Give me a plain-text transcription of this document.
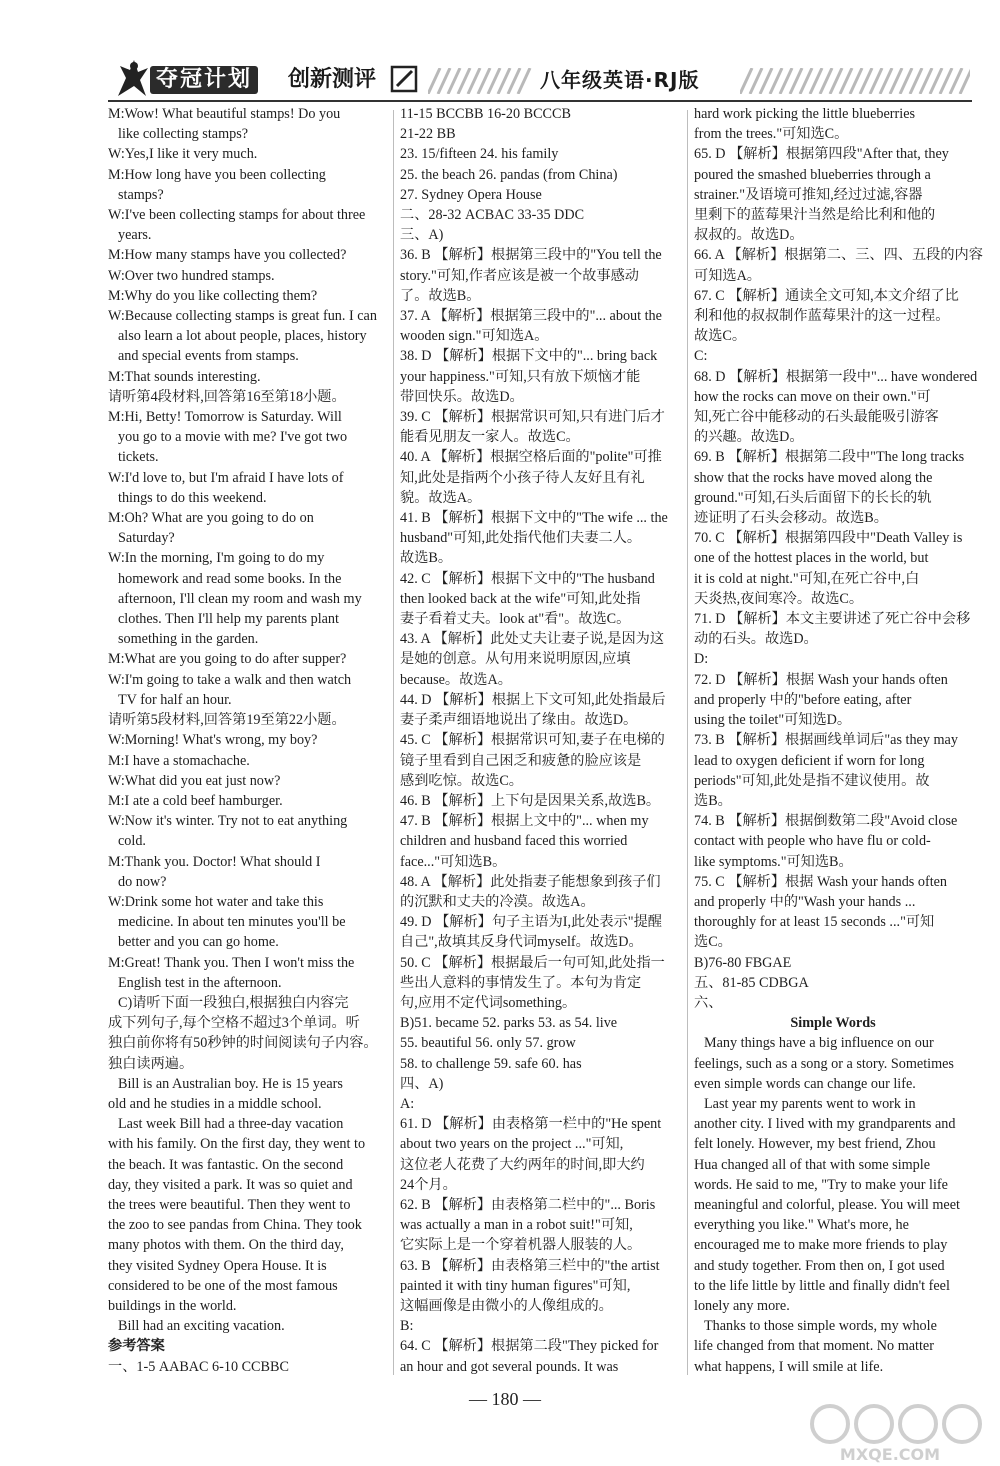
夺冠计划 创新测评	八年级英语·RJ版
M:Wow! What beautiful stamps! Do you
like collecting stamps?
W:Yes,I like it very much.
M:How long have you been collecting
stamps?
W:I've been collecting stamps for about three
years.
M:How many stamps have you collected?
W:Over two hundred stamps.
M:Why do you like collecting them?
W:Because collecting stamps is great fun. I can
also learn a lot about people, places, history
and special events from stamps.
M:That sounds interesting.
请听第4段材料,回答第16至第18小题。
M:Hi, Betty! Tomorrow is Saturday. Will
you go to a movie with me? I've got two
tickets.
W:I'd love to, but I'm afraid I have lots of
things to do this weekend.
M:Oh? What are you going to do on
Saturday?
W:In the morning, I'm going to do my
homework and read some books. In the
afternoon, I'll clean my room and wash my
clothes. Then I'll help my parents plant
something in the garden.
M:What are you going to do after supper?
W:I'm going to take a walk and then watch
TV for half an hour.
请听第5段材料,回答第19至第22小题。
W:Morning! What's wrong, my boy?
M:I have a stomachache.
W:What did you eat just now?
M:I ate a cold beef hamburger.
W:Now it's winter. Try not to eat anything
cold.
M:Thank you. Doctor! What should I
do now?
W:Drink some hot water and take this
medicine. In about ten minutes you'll be
better and you can go home.
M:Great! Thank you. Then I won't miss the
English test in the afternoon.
C)请听下面一段独白,根据独白内容完
成下列句子,每个空格不超过3个单词。听
独白前你将有50秒钟的时间阅读句子内容。
独白读两遍。
Bill is an Australian boy. He is 15 years
old and he studies in a middle school.
Last week Bill had a three-day vacation
with his family. On the first day, they went to
the beach. It was fantastic. On the second
day, they visited a park. It was so quiet and
the trees were beautiful. Then they went to
the zoo to see pandas from China. They took
many photos with them. On the third day,
they visited Sydney Opera House. It is
considered to be one of the most famous
buildings in the world.
Bill had an exciting vacation.
参考答案
一、1-5 AABAC 6-10 CCBBC
11-15 BCCBB 16-20 BCCCB
21-22 BB
23. 15/fifteen 24. his family
25. the beach 26. pandas (from China)
27. Sydney Opera House
二、28-32 ACBAC 33-35 DDC
三、A)
36. B 【解析】根据第三段中的"You tell the
story."可知,作者应该是被一个故事感动
了。故选B。
37. A 【解析】根据第三段中的"... about the
wooden sign."可知选A。
38. D 【解析】根据下文中的"... bring back
your happiness."可知,只有放下烦恼才能
带回快乐。故选D。
39. C 【解析】根据常识可知,只有进门后才
能看见朋友一家人。故选C。
40. A 【解析】根据空格后面的"polite"可推
知,此处是指两个小孩子待人友好且有礼
貌。故选A。
41. B 【解析】根据下文中的"The wife ... the
husband"可知,此处指代他们夫妻二人。
故选B。
42. C 【解析】根据下文中的"The husband
then looked back at the wife"可知,此处指
妻子看着丈夫。look at"看"。故选C。
43. A 【解析】此处丈夫让妻子说,是因为这
是她的创意。从句用来说明原因,应填
because。故选A。
44. D 【解析】根据上下文可知,此处指最后
妻子柔声细语地说出了缘由。故选D。
45. C 【解析】根据常识可知,妻子在电梯的
镜子里看到自己困乏和疲惫的脸应该是
感到吃惊。故选C。
46. B 【解析】上下句是因果关系,故选B。
47. B 【解析】根据上文中的"... when my
children and husband faced this worried
face..."可知选B。
48. A 【解析】此处指妻子能想象到孩子们
的沉默和丈夫的冷漠。故选A。
49. D 【解析】句子主语为I,此处表示"提醒
自己",故填其反身代词myself。故选D。
50. C 【解析】根据最后一句可知,此处指一
些出人意料的事情发生了。本句为肯定
句,应用不定代词something。
B)51. became 52. parks 53. as 54. live
55. beautiful 56. only 57. grow
58. to challenge 59. safe 60. has
四、A)
A:
61. D 【解析】由表格第一栏中的"He spent
about two years on the project ..."可知,
这位老人花费了大约两年的时间,即大约
24个月。
62. B 【解析】由表格第二栏中的"... Boris
was actually a man in a robot suit!"可知,
它实际上是一个穿着机器人服装的人。
63. B 【解析】由表格第三栏中的"the artist
painted it with tiny human figures"可知,
这幅画像是由微小的人像组成的。
B:
64. C 【解析】根据第二段"They picked for
an hour and got several pounds. It was
hard work picking the little blueberries
from the trees."可知选C。
65. D 【解析】根据第四段"After that, they
poured the smashed blueberries through a
strainer."及语境可推知,经过过滤,容器
里剩下的蓝莓果汁当然是给比利和他的
叔叔的。故选D。
66. A 【解析】根据第二、三、四、五段的内容
可知选A。
67. C 【解析】通读全文可知,本文介绍了比
利和他的叔叔制作蓝莓果汁的这一过程。
故选C。
C:
68. D 【解析】根据第一段中"... have wondered
how the rocks can move on their own."可
知,死亡谷中能移动的石头最能吸引游客
的兴趣。故选D。
69. B 【解析】根据第二段中"The long tracks
show that the rocks have moved along the
ground."可知,石头后面留下的长长的轨
迹证明了石头会移动。故选B。
70. C 【解析】根据第四段中"Death Valley is
one of the hottest places in the world, but
it is cold at night."可知,在死亡谷中,白
天炎热,夜间寒冷。故选C。
71. D 【解析】本文主要讲述了死亡谷中会移
动的石头。故选D。
D:
72. D 【解析】根据 Wash your hands often
and properly 中的"before eating, after
using the toilet"可知选D。
73. B 【解析】根据画线单词后"as they may
lead to oxygen deficient if worn for long
periods"可知,此处是指不建议使用。故
选B。
74. B 【解析】根据倒数第二段"Avoid close
contact with people who have flu or cold-
like symptoms."可知选B。
75. C 【解析】根据 Wash your hands often
and properly 中的"Wash your hands ...
thoroughly for at least 15 seconds ..."可知
选C。
B)76-80 FBGAE
五、81-85 CDBGA
六、
Simple Words
Many things have a big influence on our
feelings, such as a song or a story. Sometimes
even simple words can change our life.
Last year my parents went to work in
another city. I lived with my grandparents and
felt lonely. However, my best friend, Zhou
Hua changed all of that with some simple
words. He said to me, "Try to make your life
meaningful and colorful, please. You will meet
everything you like." What's more, he
encouraged me to make more friends to play
and study together. From then on, I got used
to the life little by little and finally didn't feel
lonely any more.
Thanks to those simple words, my whole
life changed from that moment. No matter
what happens, I will smile at life.
— 180 —
MXQE.COM
